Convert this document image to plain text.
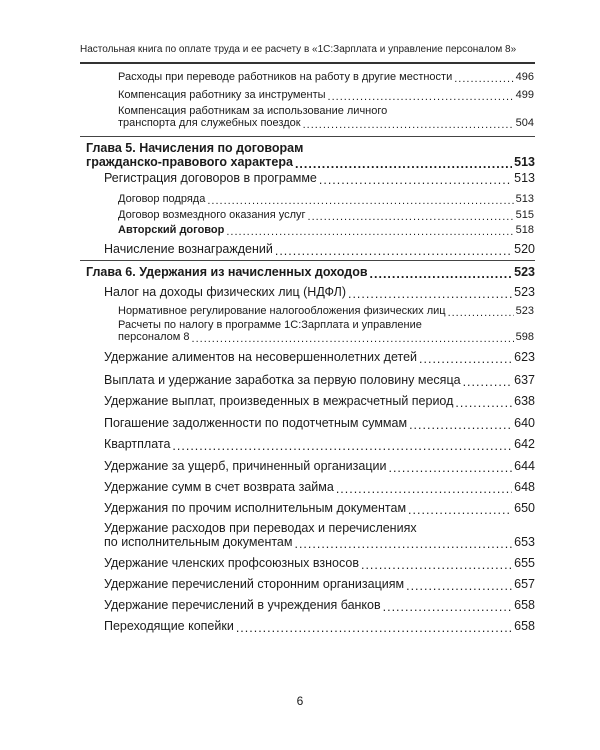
Настольная книга по оплате труда и ее расчету в «1С:Зарплата и управление персоналом 8»
Расходы при переводе работников на работу в другие местности .....	496
Компенсация работнику за инструменты .....	499
Компенсация работникам за использование личного
транспорта для служебных поездок .....	504
Глава 5. Начисления по договорам
гражданско-правового характера .....	513
Регистрация договоров в программе .....	513
Договор подряда .....	513
Договор возмездного оказания услуг .....	515
Авторский договор .....	518
Начисление вознаграждений .....	520
Глава 6. Удержания из начисленных доходов .....	523
Налог на доходы физических лиц (НДФЛ) .....	523
Нормативное регулирование налогообложения физических лиц .....	523
Расчеты по налогу в программе 1С:Зарплата и управление
персоналом 8 .....	598
Удержание алиментов на несовершеннолетних детей .....	623
Выплата и удержание заработка за первую половину месяца .....	637
Удержание выплат, произведенных в межрасчетный период .....	638
Погашение задолженности по подотчетным суммам .....	640
Квартплата .....	642
Удержание за ущерб, причиненный организации .....	644
Удержание сумм в счет возврата займа .....	648
Удержания по прочим исполнительным документам .....	650
Удержание расходов при переводах и перечислениях
по исполнительным документам .....	653
Удержание членских профсоюзных взносов .....	655
Удержание перечислений сторонним организациям .....	657
Удержание перечислений в учреждения банков .....	658
Переходящие копейки .....	658
6
